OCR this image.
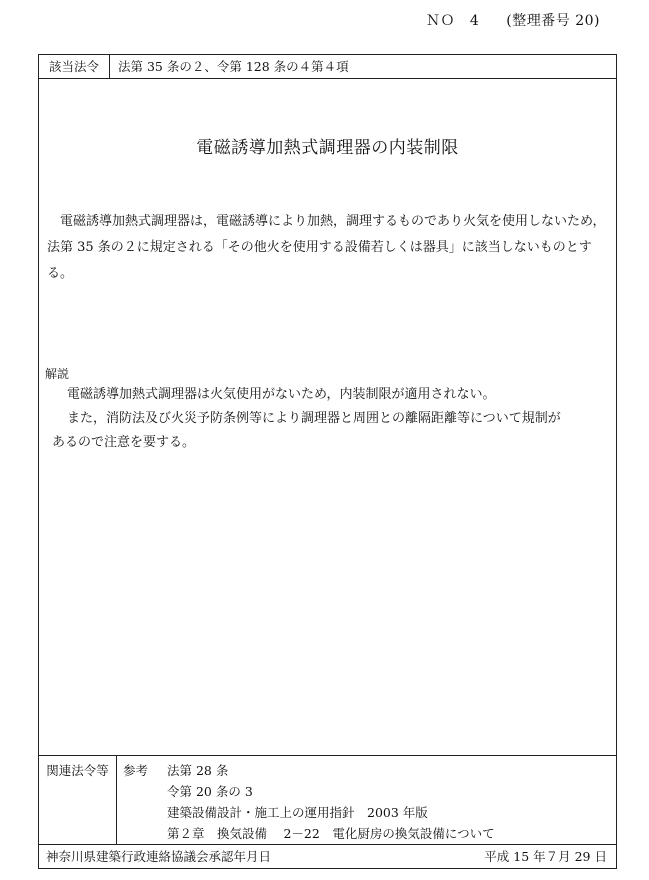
ＮＯ 4 (整理番号 20)
該当法令	法第 35 条の２、令第 128 条の４第４項
電磁誘導加熱式調理器の内装制限
電磁誘導加熱式調理器は，電磁誘導により加熱，調理するものであり火気を使用しないため，法第 35 条の２に規定される「その他火を使用する設備若しくは器具」に該当しないものとする。
解説

電磁誘導加熱式調理器は火気使用がないため，内装制限が適用されない。

また，消防法及び火災予防条例等により調理器と周囲との離隔距離等について規制が

あるので注意を要する。

関連法令等	参考 法第 28 条
令第 20 条の 3
建築設備設計・施工上の運用指針　2003 年版
第２章　換気設備　 2－22　電化厨房の換気設備について
神奈川県建築行政連絡協議会承認年月日	平成 15 年７月 29 日
